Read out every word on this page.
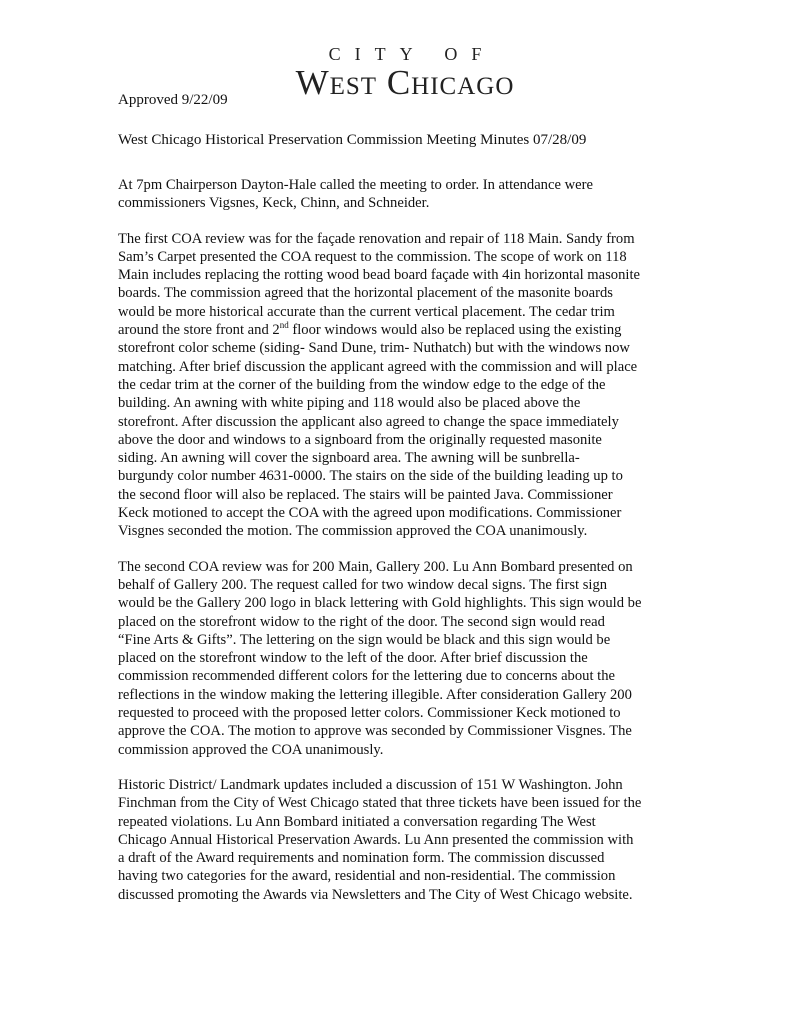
CITY OF
West Chicago
Approved 9/22/09
West Chicago Historical Preservation Commission Meeting Minutes 07/28/09

At 7pm Chairperson Dayton-Hale called the meeting to order. In attendance were
commissioners Vigsnes, Keck, Chinn, and Schneider.

The first COA review was for the façade renovation and repair of 118 Main. Sandy from
Sam’s Carpet presented the COA request to the commission. The scope of work on 118
Main includes replacing the rotting wood bead board façade with 4in horizontal masonite
boards. The commission agreed that the horizontal placement of the masonite boards
would be more historical accurate than the current vertical placement. The cedar trim
around the store front and 2nd floor windows would also be replaced using the existing
storefront color scheme (siding- Sand Dune, trim- Nuthatch) but with the windows now
matching. After brief discussion the applicant agreed with the commission and will place
the cedar trim at the corner of the building from the window edge to the edge of the
building. An awning with white piping and 118 would also be placed above the
storefront. After discussion the applicant also agreed to change the space immediately
above the door and windows to a signboard from the originally requested masonite
siding. An awning will cover the signboard area. The awning will be sunbrella-
burgundy color number 4631-0000. The stairs on the side of the building leading up to
the second floor will also be replaced. The stairs will be painted Java. Commissioner
Keck motioned to accept the COA with the agreed upon modifications. Commissioner
Visgnes seconded the motion. The commission approved the COA unanimously.

The second COA review was for 200 Main, Gallery 200. Lu Ann Bombard presented on
behalf of Gallery 200. The request called for two window decal signs. The first sign
would be the Gallery 200 logo in black lettering with Gold highlights. This sign would be
placed on the storefront widow to the right of the door. The second sign would read
“Fine Arts & Gifts”. The lettering on the sign would be black and this sign would be
placed on the storefront window to the left of the door. After brief discussion the
commission recommended different colors for the lettering due to concerns about the
reflections in the window making the lettering illegible. After consideration Gallery 200
requested to proceed with the proposed letter colors. Commissioner Keck motioned to
approve the COA. The motion to approve was seconded by Commissioner Visgnes. The
commission approved the COA unanimously.

Historic District/ Landmark updates included a discussion of 151 W Washington. John
Finchman from the City of West Chicago stated that three tickets have been issued for the
repeated violations. Lu Ann Bombard initiated a conversation regarding The West
Chicago Annual Historical Preservation Awards. Lu Ann presented the commission with
a draft of the Award requirements and nomination form. The commission discussed
having two categories for the award, residential and non-residential. The commission
discussed promoting the Awards via Newsletters and The City of West Chicago website.
